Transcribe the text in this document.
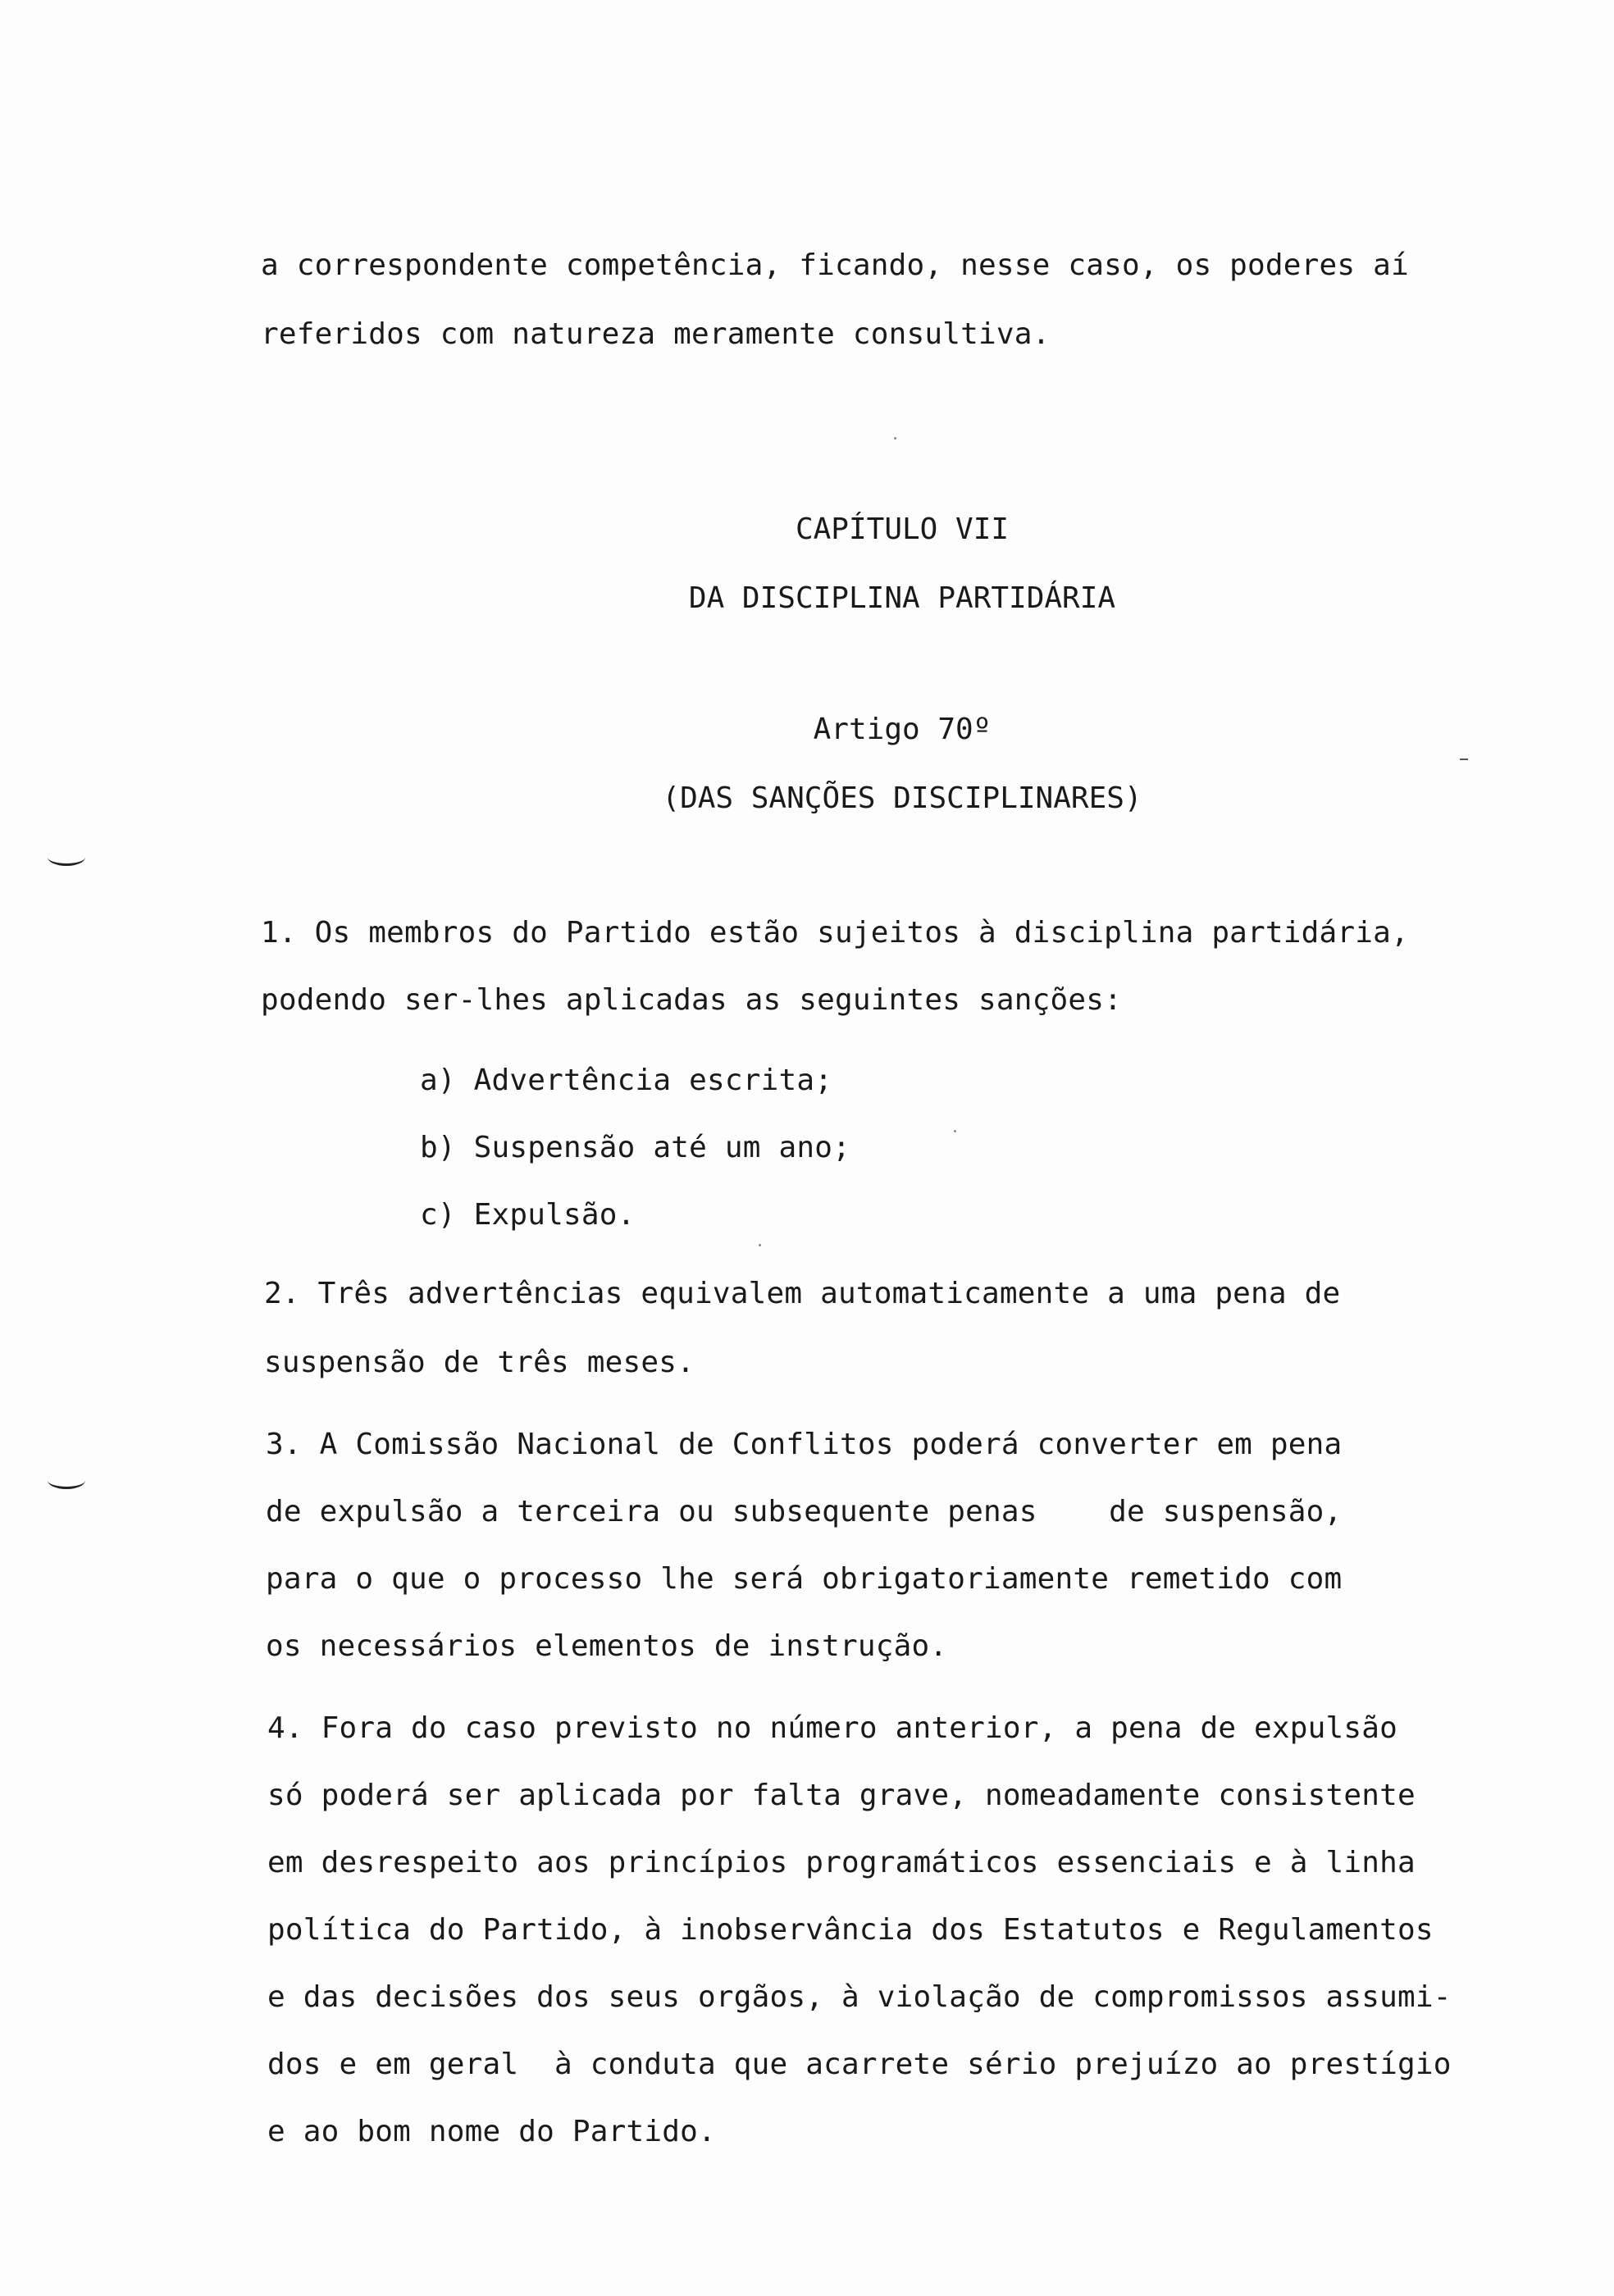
a correspondente competência, ficando, nesse caso, os poderes aí
referidos com natureza meramente consultiva.
CAPÍTULO VII
DA DISCIPLINA PARTIDÁRIA
Artigo 70º
(DAS SANÇÕES DISCIPLINARES)
1. Os membros do Partido estão sujeitos à disciplina partidária,
podendo ser-lhes aplicadas as seguintes sanções:
a) Advertência escrita;
b) Suspensão até um ano;
c) Expulsão.
2. Três advertências equivalem automaticamente a uma pena de
suspensão de três meses.
3. A Comissão Nacional de Conflitos poderá converter em pena
de expulsão a terceira ou subsequente penas    de suspensão,
para o que o processo lhe será obrigatoriamente remetido com
os necessários elementos de instrução.
4. Fora do caso previsto no número anterior, a pena de expulsão
só poderá ser aplicada por falta grave, nomeadamente consistente
em desrespeito aos princípios programáticos essenciais e à linha
política do Partido, à inobservância dos Estatutos e Regulamentos
e das decisões dos seus orgãos, à violação de compromissos assumi-
dos e em geral  à conduta que acarrete sério prejuízo ao prestígio
e ao bom nome do Partido.
